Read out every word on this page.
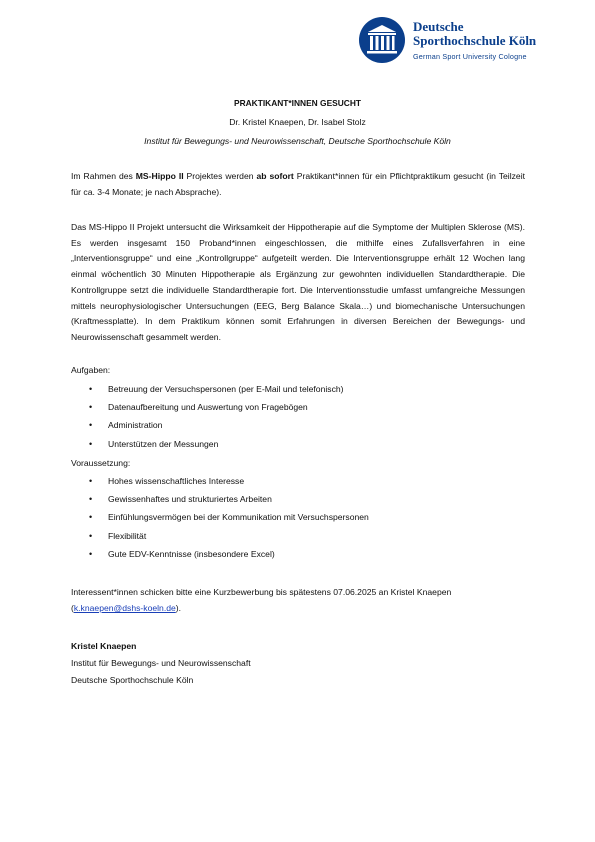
Deutsche
Sporthochschule Köln
German Sport University Cologne
PRAKTIKANT*INNEN GESUCHT
Dr. Kristel Knaepen, Dr. Isabel Stolz
Institut für Bewegungs- und Neurowissenschaft, Deutsche Sporthochschule Köln

Im Rahmen des MS-Hippo II Projektes werden ab sofort Praktikant*innen für ein Pflichtpraktikum gesucht (in Teilzeit für ca. 3-4 Monate; je nach Absprache).

Das MS-Hippo II Projekt untersucht die Wirksamkeit der Hippotherapie auf die Symptome der Multiplen Sklerose (MS). Es werden insgesamt 150 Proband*innen eingeschlossen, die mithilfe eines Zufallsverfahren in eine „Interventionsgruppe“ und eine „Kontrollgruppe“ aufgeteilt werden. Die Interventionsgruppe erhält 12 Wochen lang einmal wöchentlich 30 Minuten Hippotherapie als Ergänzung zur gewohnten individuellen Standardtherapie. Die Kontrollgruppe setzt die individuelle Standardtherapie fort. Die Interventionsstudie umfasst umfangreiche Messungen mittels neurophysiologischer Untersuchungen (EEG, Berg Balance Skala…) und biomechanische Untersuchungen (Kraftmessplatte). In dem Praktikum können somit Erfahrungen in diversen Bereichen der Bewegungs- und Neurowissenschaft gesammelt werden.

Aufgaben:
• Betreuung der Versuchspersonen (per E-Mail und telefonisch)
• Datenaufbereitung und Auswertung von Fragebögen
• Administration
• Unterstützen der Messungen
Voraussetzung:
• Hohes wissenschaftliches Interesse
• Gewissenhaftes und strukturiertes Arbeiten
• Einfühlungsvermögen bei der Kommunikation mit Versuchspersonen
• Flexibilität
• Gute EDV-Kenntnisse (insbesondere Excel)

Interessent*innen schicken bitte eine Kurzbewerbung bis spätestens 07.06.2025 an Kristel Knaepen
(k.knaepen@dshs-koeln.de).

Kristel Knaepen
Institut für Bewegungs- und Neurowissenschaft
Deutsche Sporthochschule Köln
